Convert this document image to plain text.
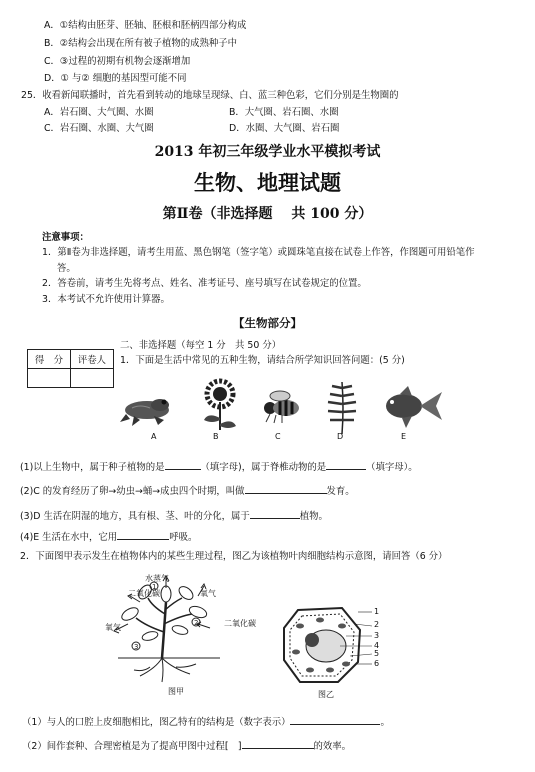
A．①结构由胚芽、胚轴、胚根和胚柄四部分构成
B．②结构会出现在所有被子植物的成熟种子中
C．③过程的初期有机物会逐渐增加
D．① 与② 细胞的基因型可能不同
25．收看新闻联播时，首先看到转动的地球呈现绿、白、蓝三种色彩，它们分别是生物圈的
A．岩石圈、大气圈、水圈	B．大气圈、岩石圈、水圈
C．岩石圈、水圈、大气圈	D．水圈、大气圈、岩石圈
2013 年初三年级学业水平模拟考试
生物、地理试题
第Ⅱ卷（非选择题　 共 100 分）
注意事项：
1．第Ⅱ卷为非选择题，请考生用蓝、黑色钢笔（签字笔）或圆珠笔直接在试卷上作答，作图题可用铅笔作
答。
2．答卷前，请考生先将考点、姓名、准考证号、座号填写在试卷规定的位置。
3．本考试不允许使用计算器。
【生物部分】
得　分	评卷人

二、非选择题（每空 1 分　共 50 分）
1．下面是生活中常见的五种生物，请结合所学知识回答问题：(5 分)
A	B	C	D	E
(1)以上生物中，属于种子植物的是	（填字母)，属于脊椎动物的是	（填字母）。
(2)C 的发育经历了卵→幼虫→蛹→成虫四个时期，叫做	发育。
(3)D 生活在阴湿的地方，具有根、茎、叶的分化，属于	植物。
(4)E 生活在水中，它用	呼吸。
2．下面图甲表示发生在植物体内的某些生理过程，图乙为该植物叶肉细胞结构示意图，请回答（6 分）
1
2
3
水蒸气
二氧化碳	氧气
氧气	二氧化碳
图甲
1
2
3
4
5
6
图乙
（1）与人的口腔上皮细胞相比，图乙特有的结构是（数字表示）	。
（2）间作套种、合理密植是为了提高甲图中过程[　]	的效率。
